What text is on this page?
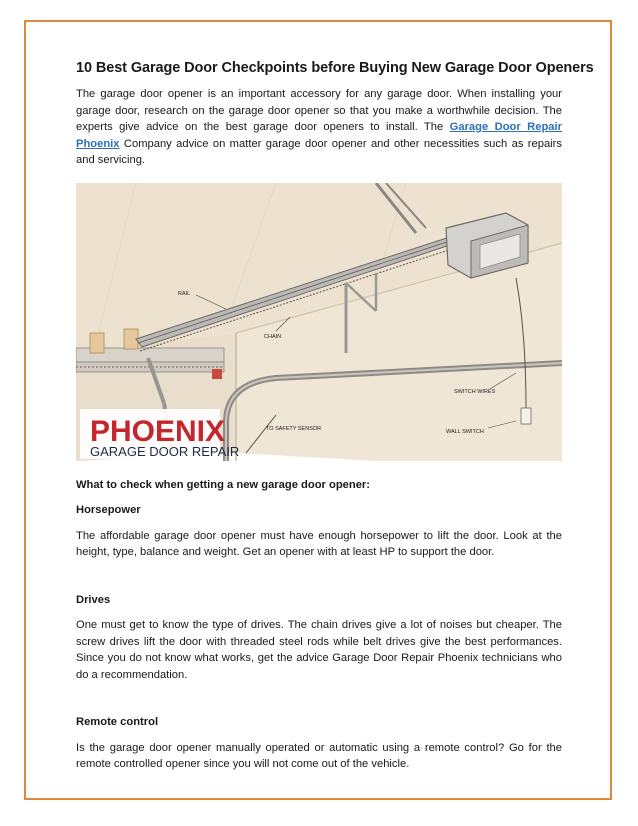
10 Best Garage Door Checkpoints before Buying New Garage Door Openers

The garage door opener is an important accessory for any garage door. When installing your garage door, research on the garage door opener so that you make a worthwhile decision. The experts give advice on the best garage door openers to install. The Garage Door Repair Phoenix Company advice on matter garage door opener and other necessities such as repairs and servicing.

RAIL
CHAIN
SWITCH WIRES
TO SAFETY SENSOR	WALL SWITCH
PHOENIX
GARAGE DOOR REPAIR

What to check when getting a new garage door opener:

Horsepower

The affordable garage door opener must have enough horsepower to lift the door. Look at the height, type, balance and weight. Get an opener with at least HP to support the door.

Drives

One must get to know the type of drives. The chain drives give a lot of noises but cheaper. The screw drives lift the door with threaded steel rods while belt drives give the best performances. Since you do not know what works, get the advice Garage Door Repair Phoenix technicians who do a recommendation.

Remote control

Is the garage door opener manually operated or automatic using a remote control? Go for the remote controlled opener since you will not come out of the vehicle.
